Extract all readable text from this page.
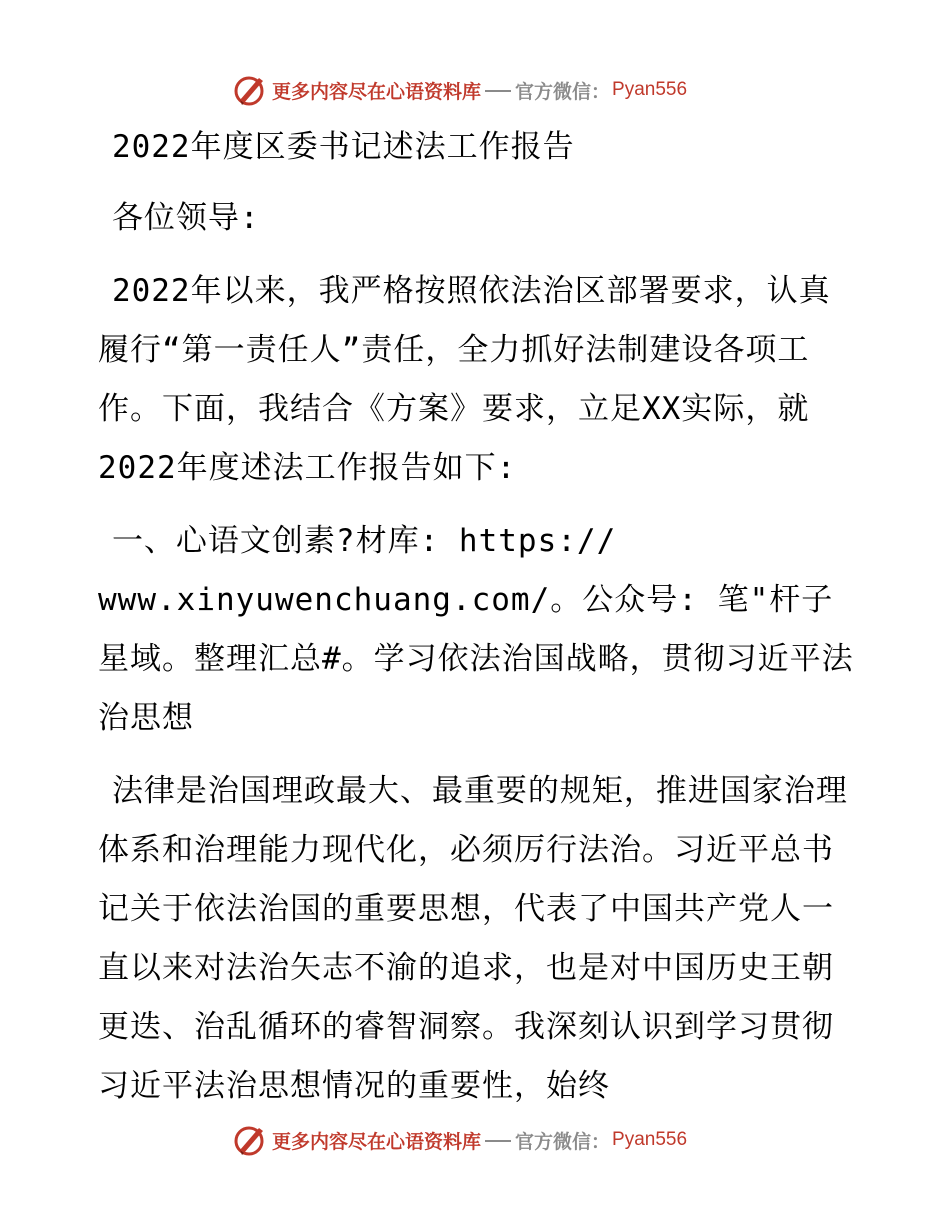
更多内容尽在心语资料库 官方微信： Pyan556

2022年度区委书记述法工作报告

各位领导:

2022年以来，我严格按照依法治区部署要求，认真履行“第一责任人”责任，全力抓好法制建设各项工作。下面，我结合《方案》要求，立足XX实际，就2022年度述法工作报告如下:

一、心语文创素?材库: https://

www.xinyuwenchuang.com/。公众号: 笔"杆子星域。整理汇总#。学习依法治国战略，贯彻习近平法治思想

法律是治国理政最大、最重要的规矩，推进国家治理体系和治理能力现代化，必须厉行法治。习近平总书记关于依法治国的重要思想，代表了中国共产党人一直以来对法治矢志不渝的追求，也是对中国历史王朝更迭、治乱循环的睿智洞察。我深刻认识到学习贯彻习近平法治思想情况的重要性，始终

更多内容尽在心语资料库 官方微信： Pyan556
